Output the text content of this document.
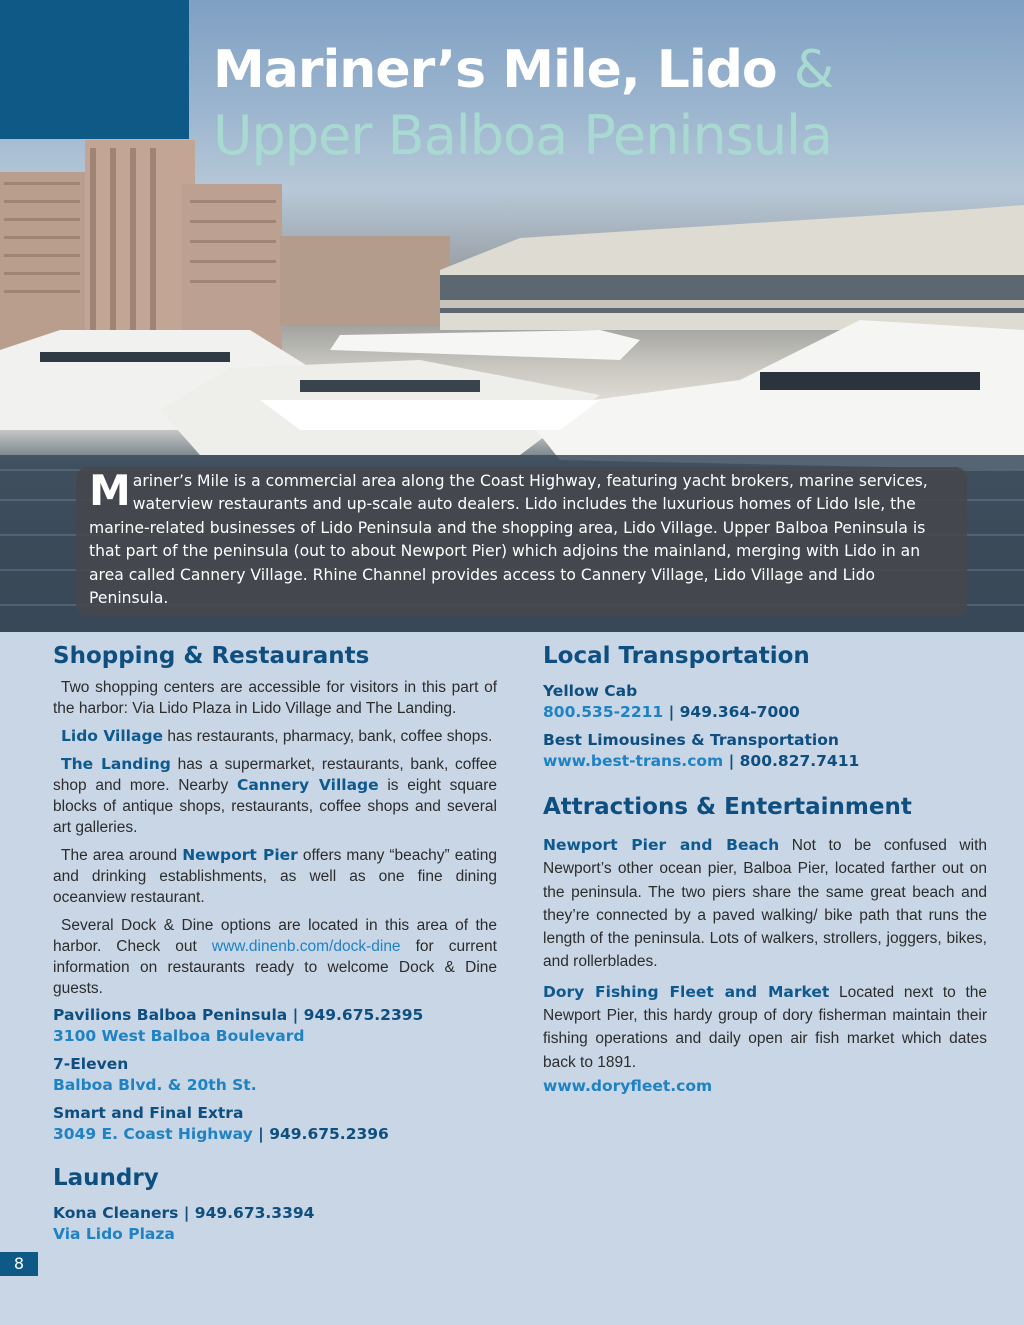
Mariner’s Mile, Lido &
Upper Balboa Peninsula
Mariner’s Mile is a commercial area along the Coast Highway, featuring yacht brokers, marine services, waterview restaurants and up-scale auto dealers. Lido includes the luxurious homes of Lido Isle, the marine-related businesses of Lido Peninsula and the shopping area, Lido Village. Upper Balboa Peninsula is that part of the peninsula (out to about Newport Pier) which adjoins the mainland, merging with Lido in an area called Cannery Village. Rhine Channel provides access to Cannery Village, Lido Village and Lido Peninsula.
Shopping & Restaurants

Two shopping centers are accessible for visitors in this part of the harbor: Via Lido Plaza in Lido Village and The Landing.

Lido Village has restaurants, pharmacy, bank, coffee shops.

The Landing has a supermarket, restaurants, bank, coffee shop and more. Nearby Cannery Village is eight square blocks of antique shops, restaurants, coffee shops and several art galleries.

The area around Newport Pier offers many “beachy” eating and drinking establishments, as well as one fine dining oceanview restaurant.

Several Dock & Dine options are located in this area of the harbor. Check out www.dinenb.com/dock-dine for current information on restaurants ready to welcome Dock & Dine guests.

Pavilions Balboa Peninsula | 949.675.2395
3100 West Balboa Boulevard
7-Eleven
Balboa Blvd. & 20th St.
Smart and Final Extra
3049 E. Coast Highway | 949.675.2396
Laundry
Kona Cleaners | 949.673.3394
Via Lido Plaza
Local Transportation
Yellow Cab
800.535-2211 | 949.364-7000
Best Limousines & Transportation
www.best-trans.com | 800.827.7411
Attractions & Entertainment

Newport Pier and Beach Not to be confused with Newport’s other ocean pier, Balboa Pier, located farther out on the peninsula. The two piers share the same great beach and they’re connected by a paved walking/ bike path that runs the length of the peninsula. Lots of walkers, strollers, joggers, bikes, and rollerblades.

Dory Fishing Fleet and Market Located next to the Newport Pier, this hardy group of dory fisherman maintain their fishing operations and daily open air fish market which dates back to 1891.

www.doryfleet.com
8
